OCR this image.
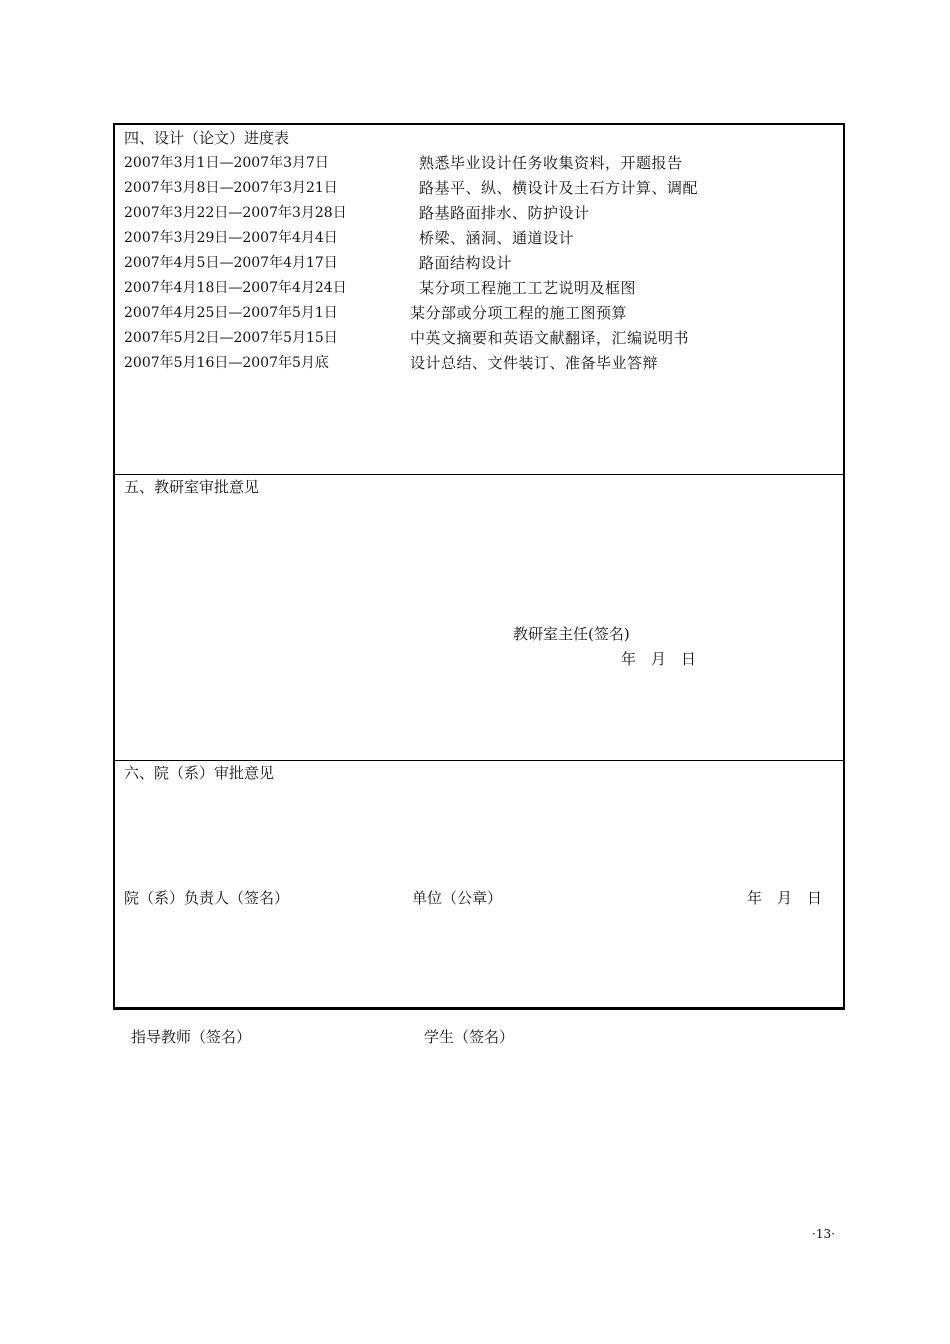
四、设计（论文）进度表
2007年3月1日—2007年3月7日	熟悉毕业设计任务收集资料，开题报告
2007年3月8日—2007年3月21日	路基平、纵、横设计及土石方计算、调配
2007年3月22日—2007年3月28日	路基路面排水、防护设计
2007年3月29日—2007年4月4日	桥梁、涵洞、通道设计
2007年4月5日—2007年4月17日	路面结构设计
2007年4月18日—2007年4月24日	某分项工程施工工艺说明及框图
2007年4月25日—2007年5月1日	某分部或分项工程的施工图预算
2007年5月2日—2007年5月15日	中英文摘要和英语文献翻译，汇编说明书
2007年5月16日—2007年5月底	设计总结、文件装订、准备毕业答辩
五、教研室审批意见
教研室主任(签名)
年　月　日
六、院（系）审批意见
院（系）负责人（签名）	单位（公章）	年　月　日
指导教师（签名）	学生（签名）
·13·
